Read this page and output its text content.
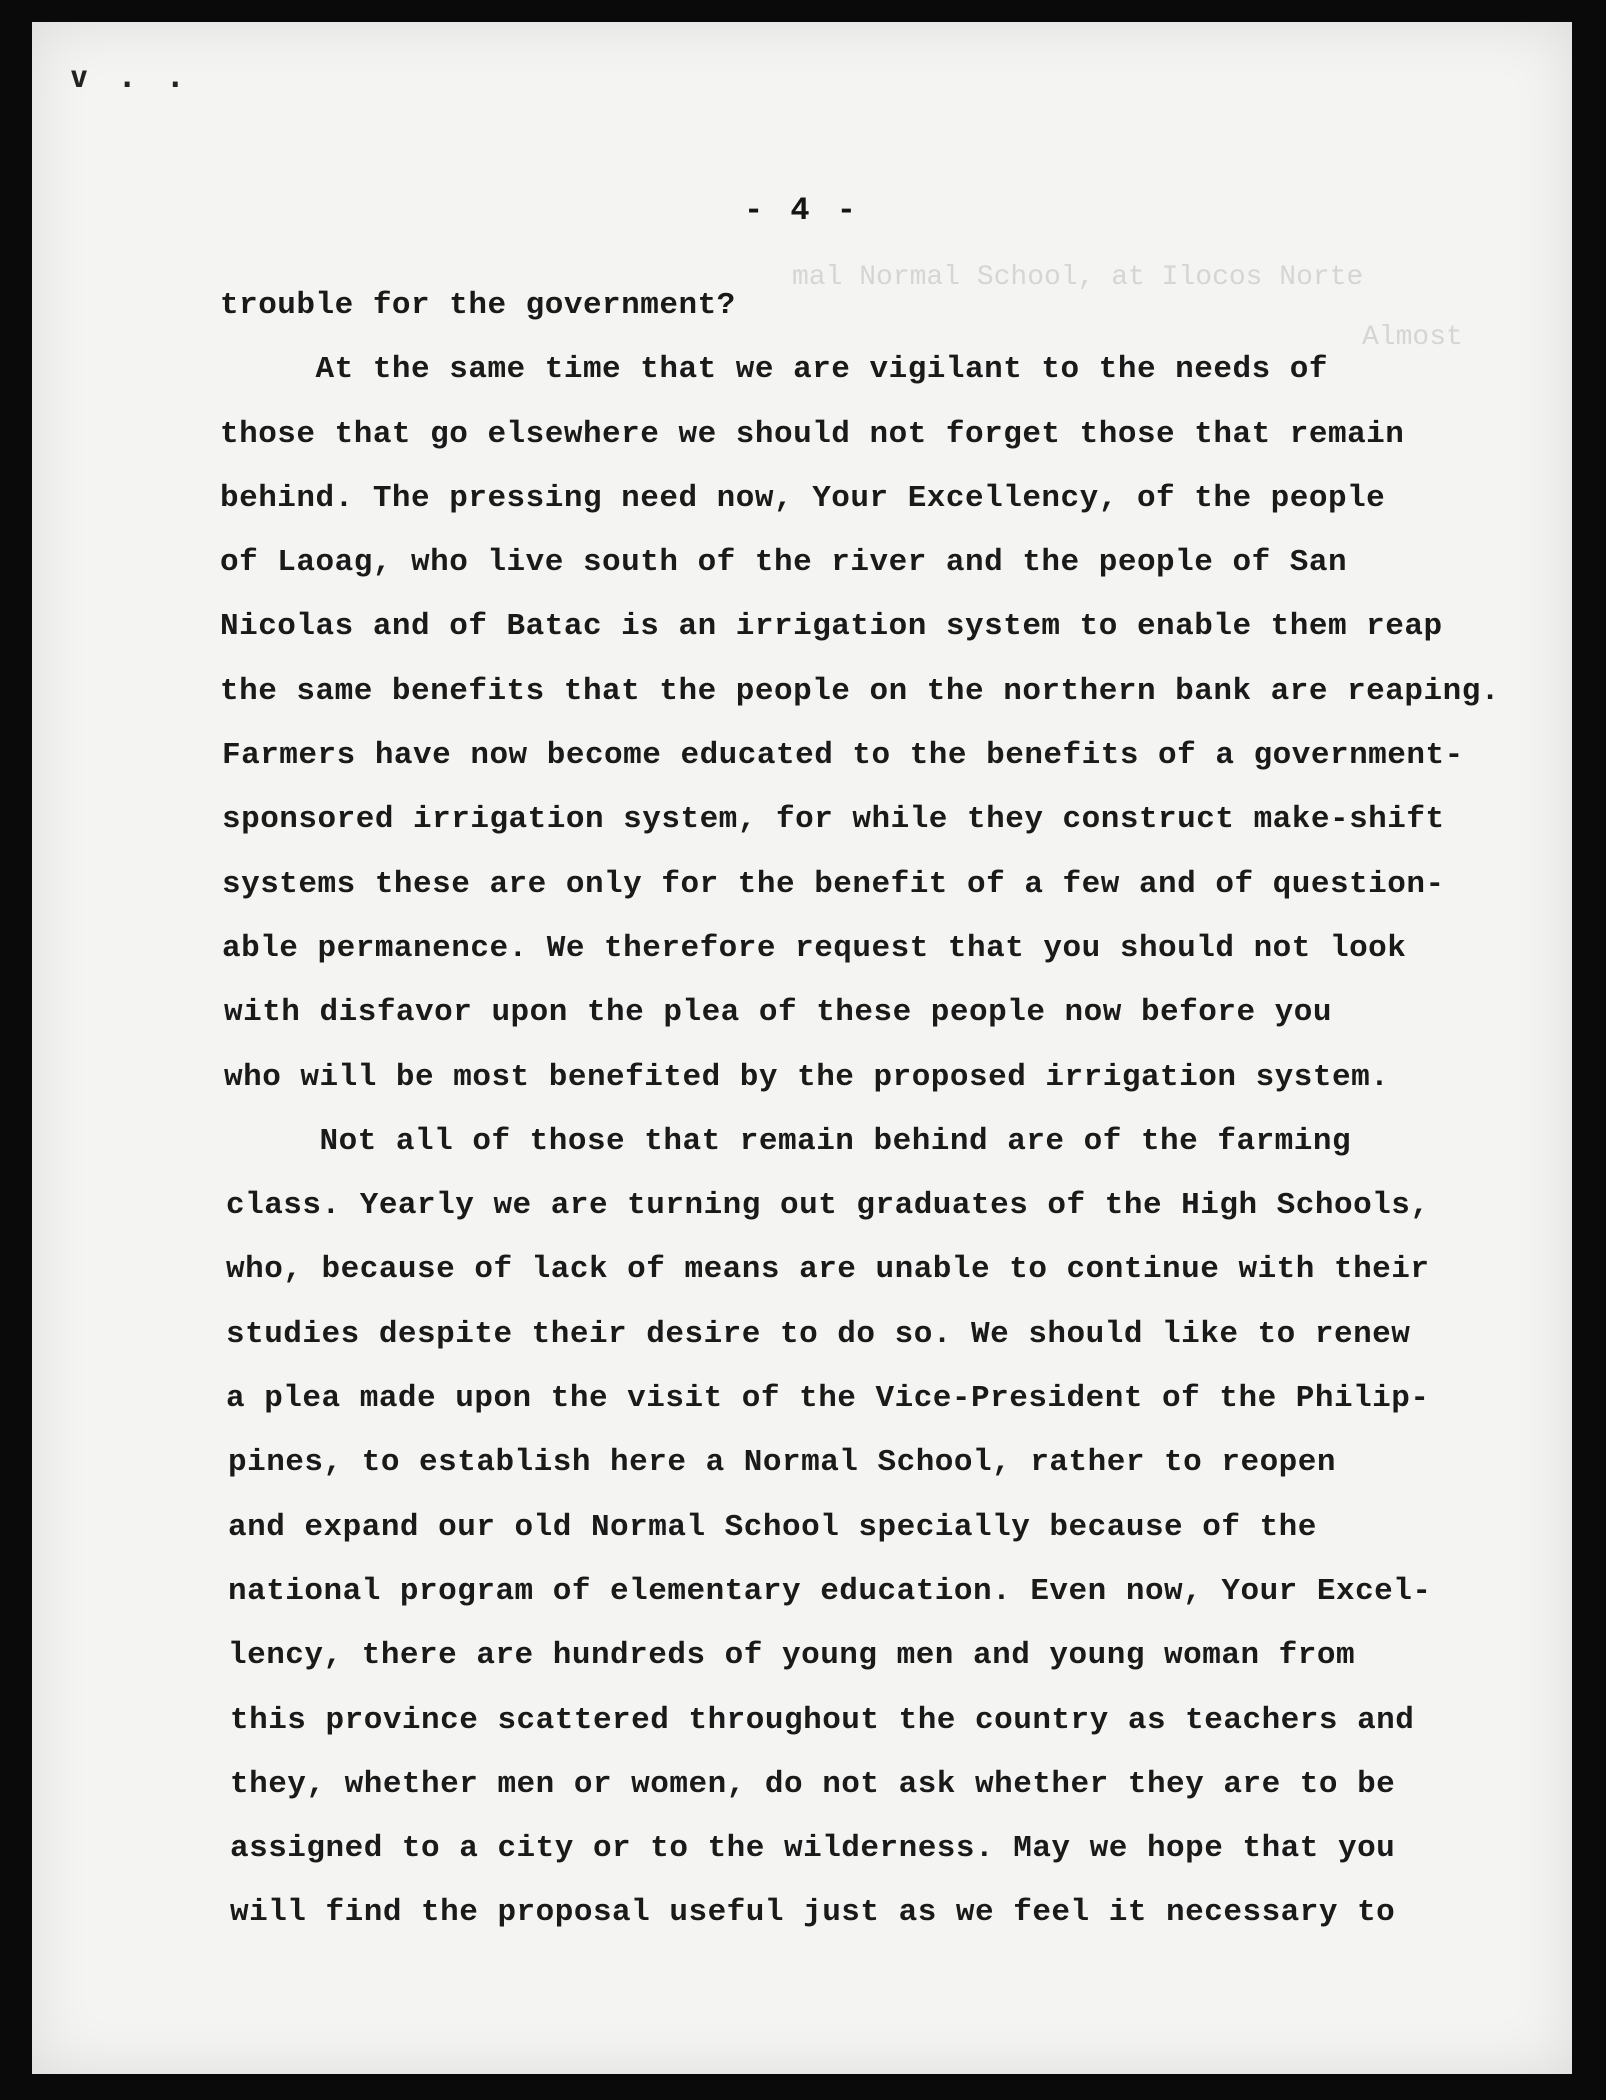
v . .
- 4 -
mal Normal School, at Ilocos Norte
Almost
trouble for the government?
At the same time that we are vigilant to the needs of
those that go elsewhere we should not forget those that remain
behind. The pressing need now, Your Excellency, of the people
of Laoag, who live south of the river and the people of San
Nicolas and of Batac is an irrigation system to enable them reap
the same benefits that the people on the northern bank are reaping.
Farmers have now become educated to the benefits of a government-
sponsored irrigation system, for while they construct make-shift
systems these are only for the benefit of a few and of question-
able permanence. We therefore request that you should not look
with disfavor upon the plea of these people now before you
who will be most benefited by the proposed irrigation system.
Not all of those that remain behind are of the farming
class. Yearly we are turning out graduates of the High Schools,
who, because of lack of means are unable to continue with their
studies despite their desire to do so. We should like to renew
a plea made upon the visit of the Vice-President of the Philip-
pines, to establish here a Normal School, rather to reopen
and expand our old Normal School specially because of the
national program of elementary education. Even now, Your Excel-
lency, there are hundreds of young men and young woman from
this province scattered throughout the country as teachers and
they, whether men or women, do not ask whether they are to be
assigned to a city or to the wilderness. May we hope that you
will find the proposal useful just as we feel it necessary to
